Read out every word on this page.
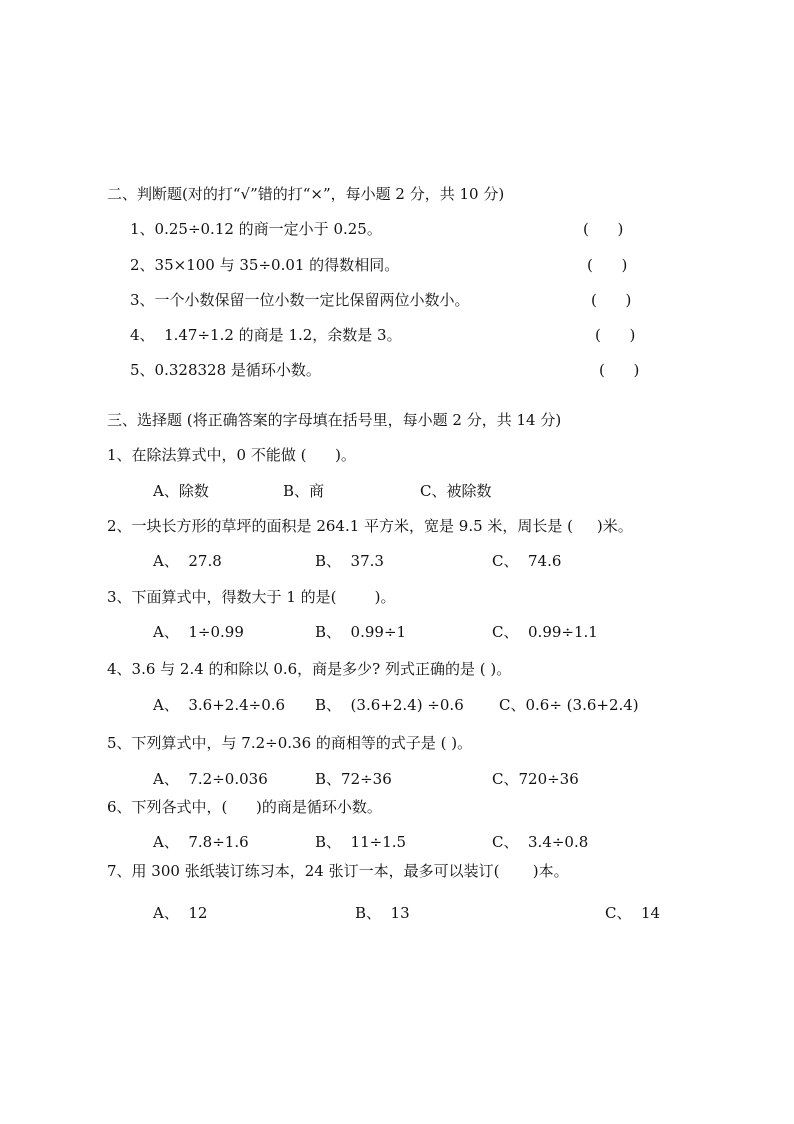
二、判断题(对的打“√”错的打“×”，每小题 2 分，共 10 分)
1、0.25÷0.12 的商一定小于 0.25。	(      )
2、35×100 与 35÷0.01 的得数相同。	(      )
3、一个小数保留一位小数一定比保留两位小数小。	(      )
4、  1.47÷1.2 的商是 1.2，余数是 3。	(      )
5、0.328328 是循环小数。	(      )
三、选择题 (将正确答案的字母填在括号里，每小题 2 分，共 14 分)
1、在除法算式中，0 不能做 (      )。
A、除数	B、商	C、被除数
2、一块长方形的草坪的面积是 264.1 平方米，宽是 9.5 米，周长是 (     )米。
A、  27.8	B、  37.3	C、  74.6
3、下面算式中，得数大于 1 的是(        )。
A、  1÷0.99	B、  0.99÷1	C、  0.99÷1.1
4、3.6 与 2.4 的和除以 0.6，商是多少? 列式正确的是 ( )。
A、  3.6+2.4÷0.6 B、  (3.6+2.4) ÷0.6 C、0.6÷ (3.6+2.4)
5、下列算式中，与 7.2÷0.36 的商相等的式子是 ( )。
A、  7.2÷0.036	B、72÷36	C、720÷36
6、下列各式中，(      )的商是循环小数。
A、  7.8÷1.6	B、  11÷1.5	C、  3.4÷0.8
7、用 300 张纸装订练习本，24 张订一本，最多可以装订(       )本。
A、  12	B、  13	C、  14
